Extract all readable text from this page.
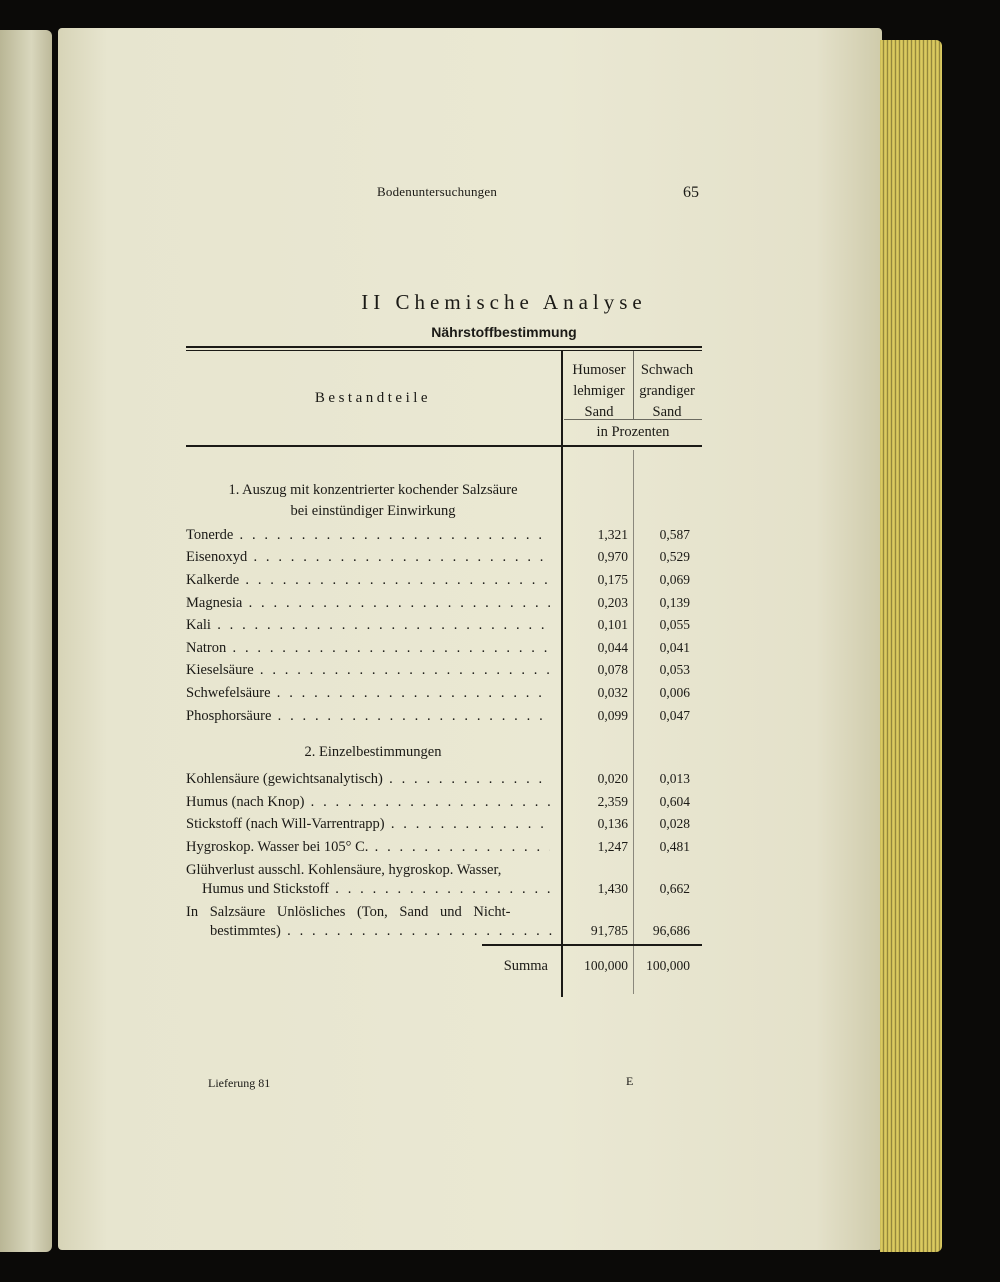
Bodenuntersuchungen	65
II Chemische Analyse
Nährstoffbestimmung
Bestandteile
Humoser
lehmiger
Sand
Schwach
grandiger
Sand
in Prozenten
1. Auszug mit konzentrierter kochender Salzsäure
bei einstündiger Einwirkung
Tonerde . . .	1,321	0,587
Eisenoxyd . . .	0,970	0,529
Kalkerde . . .	0,175	0,069
Magnesia . . .	0,203	0,139
Kali . . .	0,101	0,055
Natron . . .	0,044	0,041
Kieselsäure . . .	0,078	0,053
Schwefelsäure . . .	0,032	0,006
Phosphorsäure . . .	0,099	0,047
2. Einzelbestimmungen
Kohlensäure (gewichtsanalytisch) . . .	0,020	0,013
Humus (nach Knop) . . .	2,359	0,604
Stickstoff (nach Will-Varrentrapp) . . .	0,136	0,028
Hygroskop. Wasser bei 105° C. . . .	1,247	0,481
Glühverlust ausschl. Kohlensäure, hygroskop. Wasser,
Humus und Stickstoff . . .	1,430	0,662
In Salzsäure Unlösliches (Ton, Sand und Nicht-
bestimmtes) . . .	91,785	96,686
Summa	100,000	100,000
Lieferung 81	E
